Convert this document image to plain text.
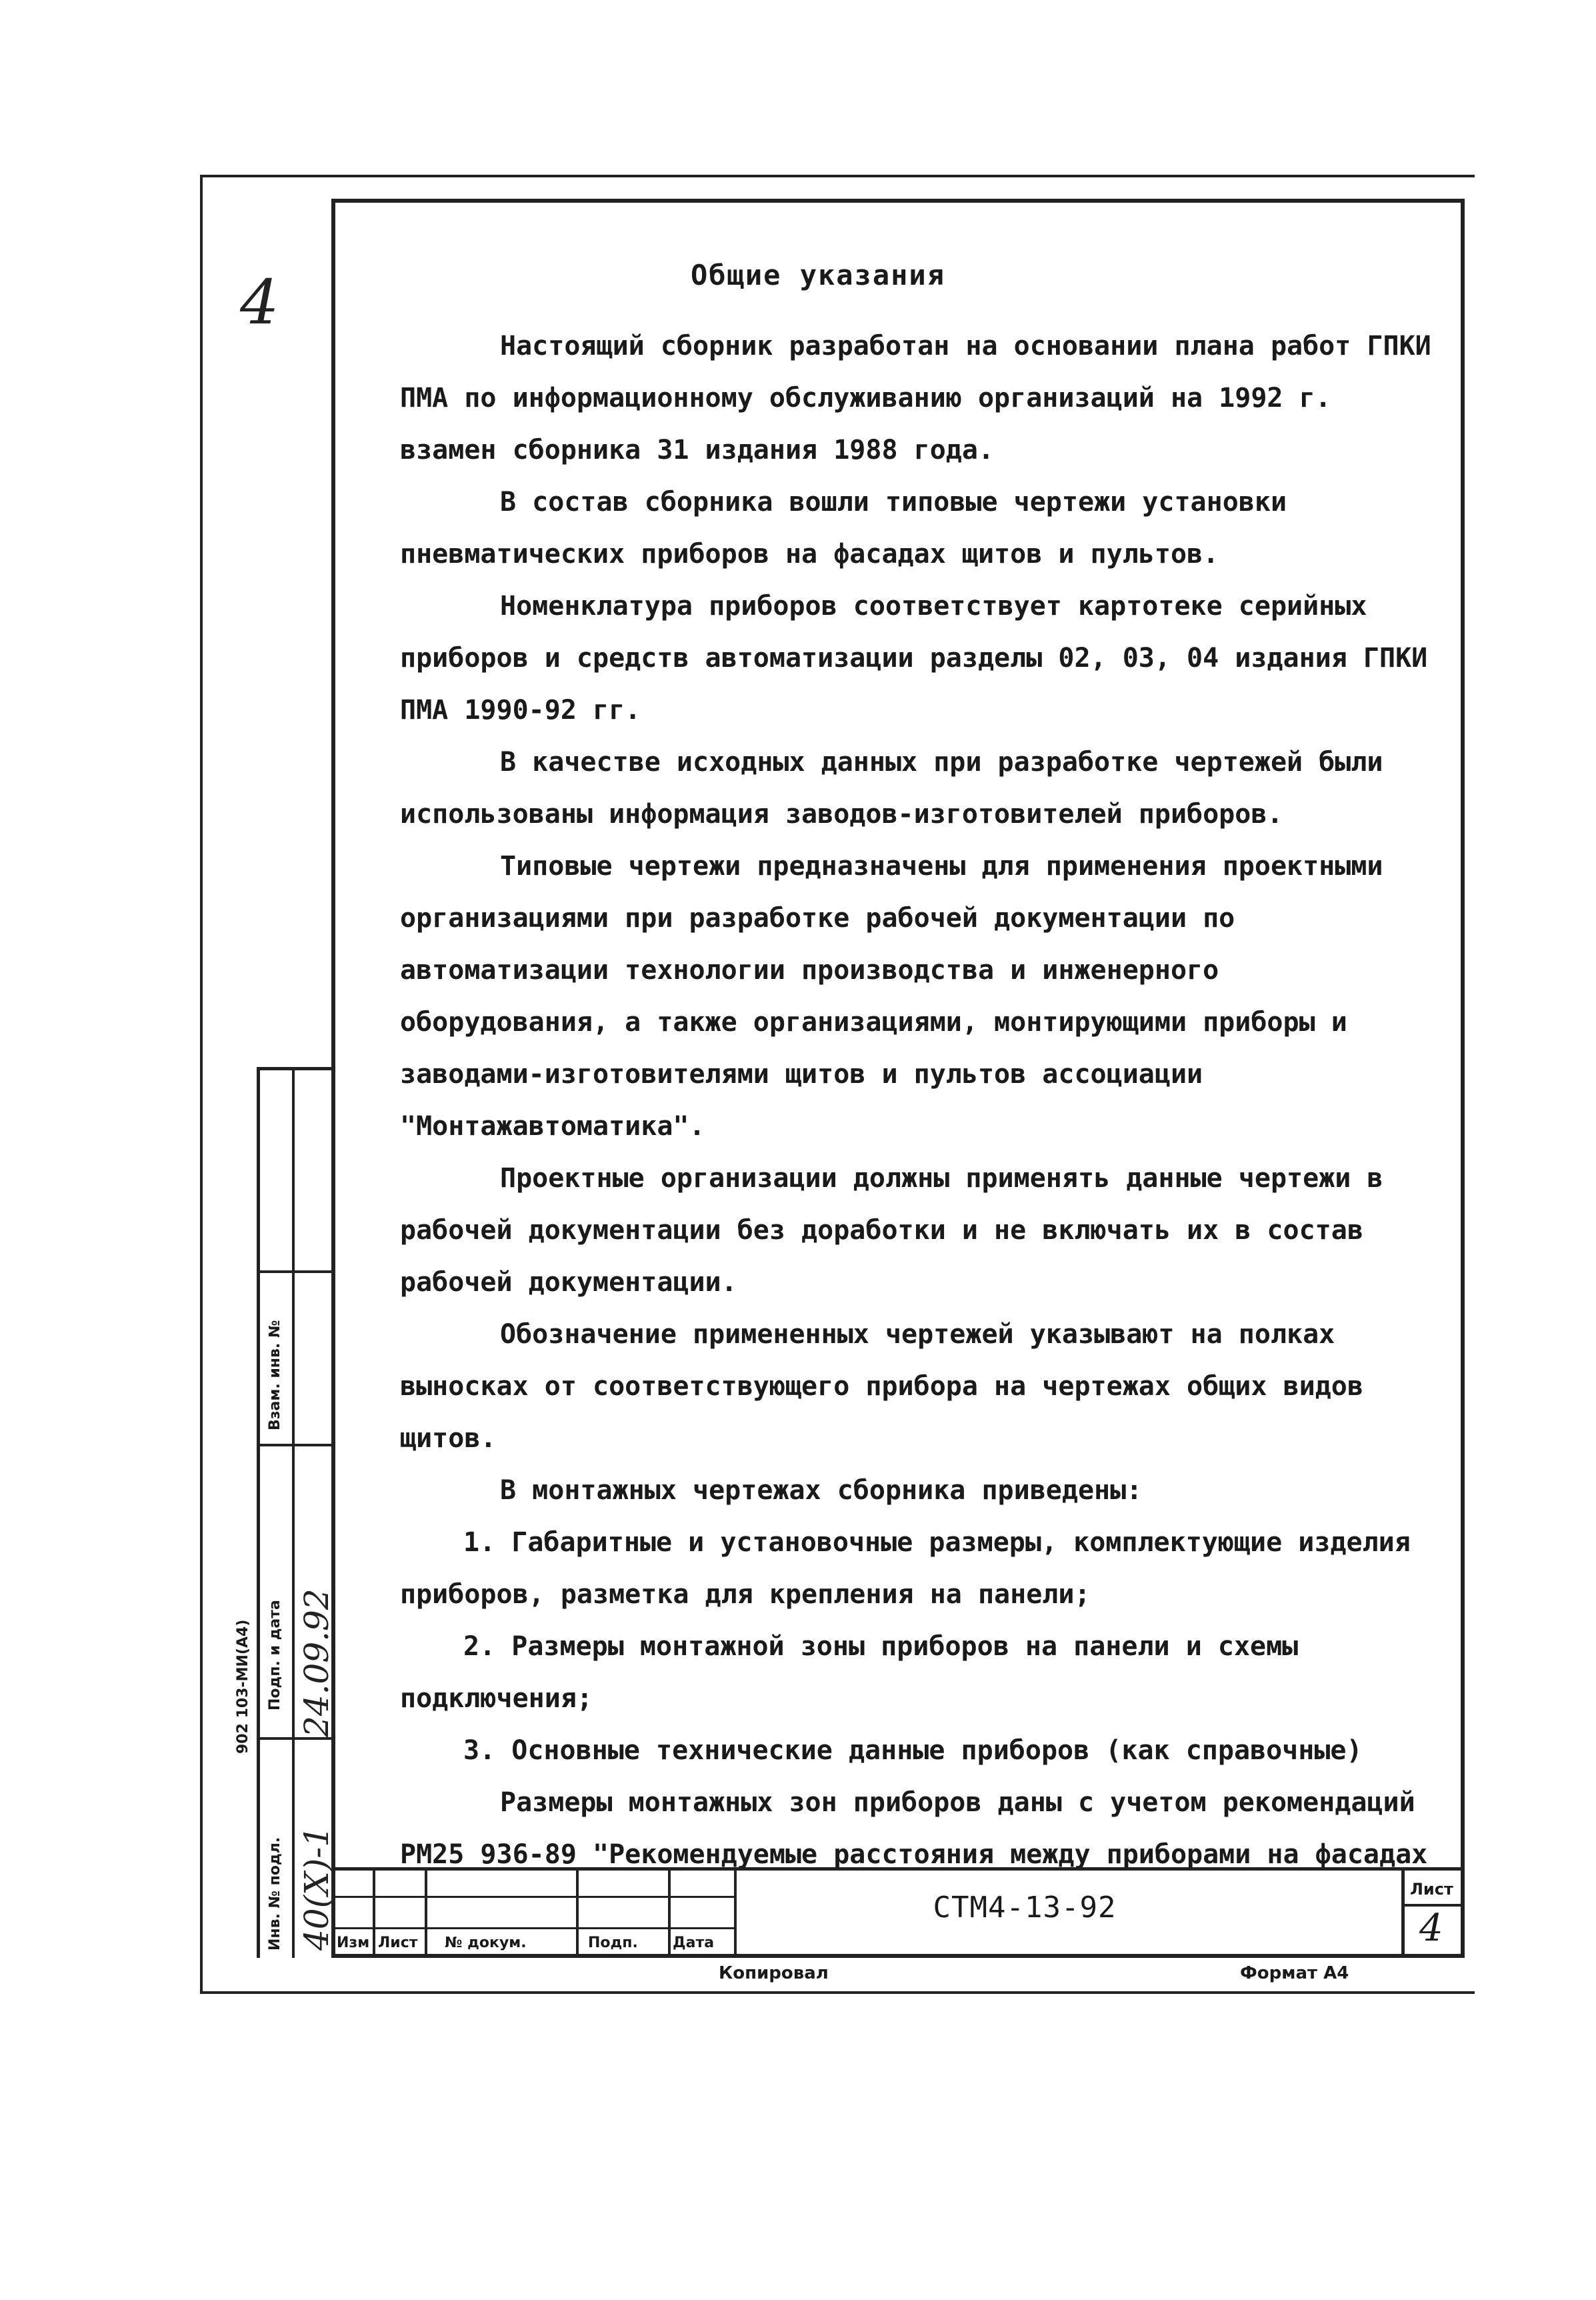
4	Общие указания

Настоящий сборник разработан на основании плана работ ГПКИ ПМА по информационному обслуживанию организаций на 1992 г. взамен сборника 31 издания 1988 года.

В состав сборника вошли типовые чертежи установки пневматических приборов на фасадах щитов и пультов.

Номенклатура приборов соответствует картотеке серийных приборов и средств автоматизации разделы 02, 03, 04 издания ГПКИ ПМА 1990-92 гг.

В качестве исходных данных при разработке чертежей были использованы информация заводов-изготовителей приборов.

Типовые чертежи предназначены для применения проектными организациями при разработке рабочей документации по автоматизации технологии производства и инженерного оборудования, а также организациями, монтирующими приборы и заводами-изготовителями щитов и пультов ассоциации "Монтажавтоматика".

Проектные организации должны применять данные чертежи в рабочей документации без доработки и не включать их в состав рабочей документации.

Обозначение примененных чертежей указывают на полках выносках от соответствующего прибора на чертежах общих видов щитов.

В монтажных чертежах сборника приведены:

1. Габаритные и установочные размеры, комплектующие изделия приборов, разметка для крепления на панели;

2. Размеры монтажной зоны приборов на панели и схемы подключения;

3. Основные технические данные приборов (как справочные)

Размеры монтажных зон приборов даны с учетом рекомендаций РМ25 936-89 "Рекомендуемые расстояния между приборами на фасадах

Изм Лист № докум.	Подп. Дата
СТМ4-13-92
Лист
4
Копировал	Формат А4
Инв. № подл.
Подп. и дата
Взам. инв. №
40(Х)-1
24.09.92
902 103-МИ(А4)
